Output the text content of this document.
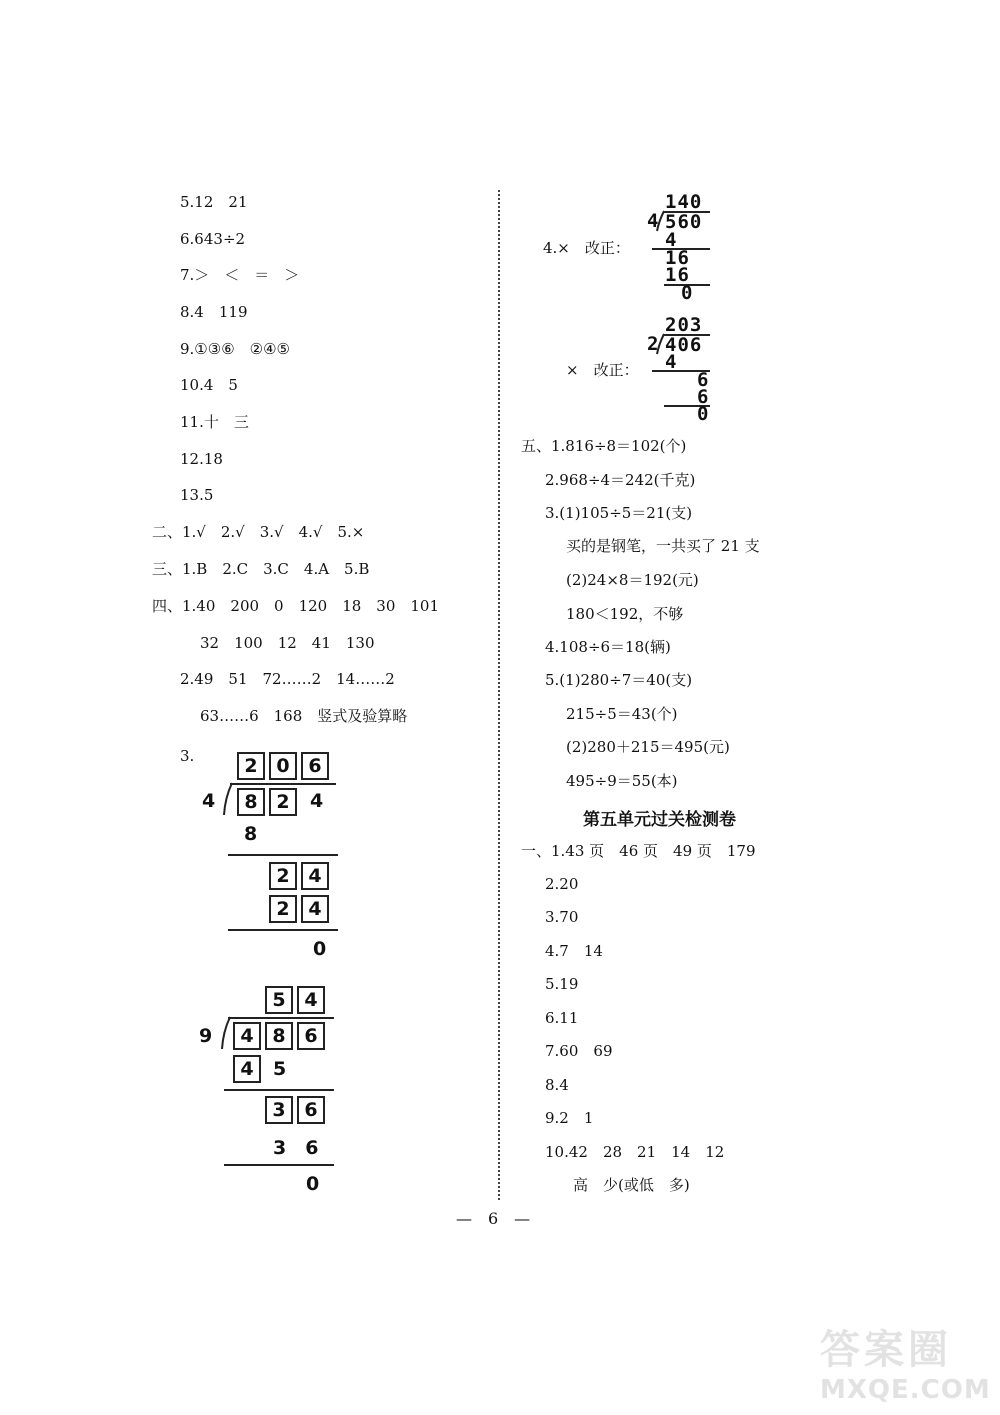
5.12　21
6.643÷2
7.＞　＜　＝　＞
8.4　119
9.①③⑥　②④⑤
10.4　5
11.十　三
12.18
13.5
二、1.√　2.√　3.√　4.√　5.×
三、1.B　2.C　3.C　4.A　5.B
四、1.40　200　0　120　18　30　101
32　100　12　41　130
2.49　51　72……2　14……2
63……6　168　竖式及验算略
3.	2 0 6
4	8 2	4
8
2 4
2 4
0
5 4
9	4 8 6
4	5
3 6
3　6
0
4.×　改正：
140
4 560
4
16
16
0
×　改正：
203
2 406
4
6
6
0
五、1.816÷8＝102(个)
2.968÷4＝242(千克)
3.(1)105÷5＝21(支)
买的是钢笔，一共买了 21 支
(2)24×8＝192(元)
180＜192，不够
4.108÷6＝18(辆)
5.(1)280÷7＝40(支)
215÷5＝43(个)
(2)280＋215＝495(元)
495÷9＝55(本)
第五单元过关检测卷
一、1.43 页　46 页　49 页　179
2.20
3.70
4.7　14
5.19
6.11
7.60　69
8.4
9.2　1
10.42　28　21　14　12
高　少(或低　多)
—　6　—
答案圈
MXQE.COM
